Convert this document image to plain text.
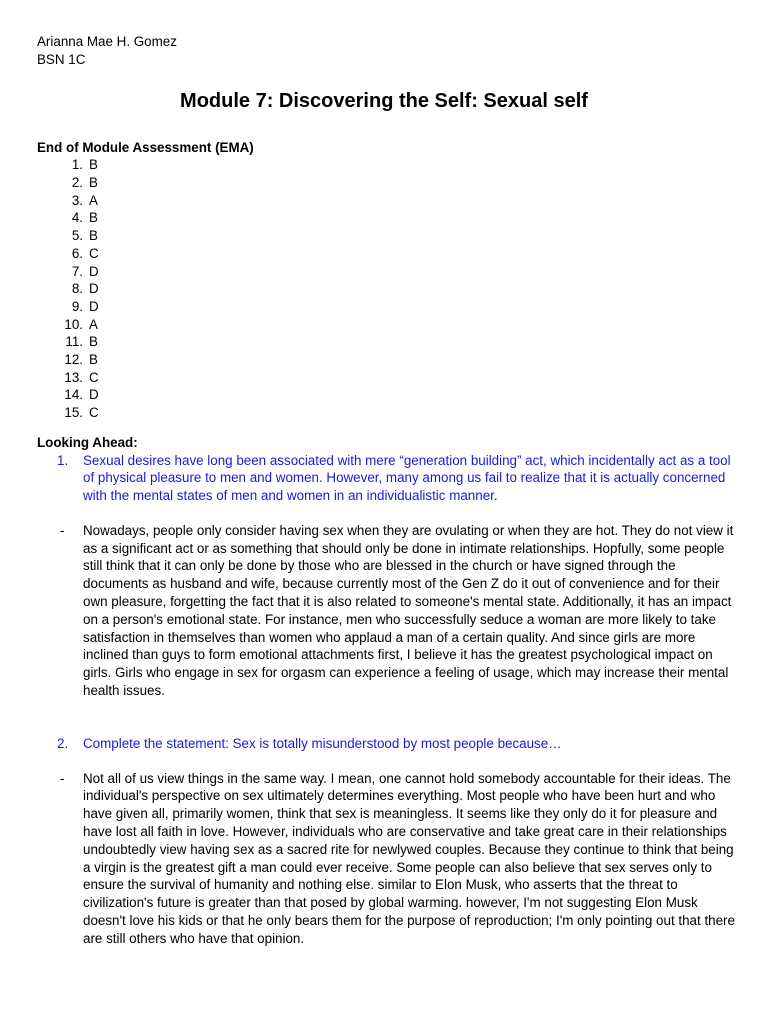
Arianna Mae H. Gomez
BSN 1C
Module 7: Discovering the Self: Sexual self
End of Module Assessment (EMA)
1. B
2. B
3. A
4. B
5. B
6. C
7. D
8. D
9. D
10. A
11. B
12. B
13. C
14. D
15. C
Looking Ahead:
1. Sexual desires have long been associated with mere “generation building” act, which incidentally act as a tool of physical pleasure to men and women. However, many among us fail to realize that it is actually concerned with the mental states of men and women in an individualistic manner.

- Nowadays, people only consider having sex when they are ovulating or when they are hot. They do not view it as a significant act or as something that should only be done in intimate relationships. Hopfully, some people still think that it can only be done by those who are blessed in the church or have signed through the documents as husband and wife, because currently most of the Gen Z do it out of convenience and for their own pleasure, forgetting the fact that it is also related to someone's mental state. Additionally, it has an impact on a person's emotional state. For instance, men who successfully seduce a woman are more likely to take satisfaction in themselves than women who applaud a man of a certain quality. And since girls are more inclined than guys to form emotional attachments first, I believe it has the greatest psychological impact on girls. Girls who engage in sex for orgasm can experience a feeling of usage, which may increase their mental health issues.

2. Complete the statement: Sex is totally misunderstood by most people because…

- Not all of us view things in the same way. I mean, one cannot hold somebody accountable for their ideas. The individual's perspective on sex ultimately determines everything. Most people who have been hurt and who have given all, primarily women, think that sex is meaningless. It seems like they only do it for pleasure and have lost all faith in love. However, individuals who are conservative and take great care in their relationships undoubtedly view having sex as a sacred rite for newlywed couples. Because they continue to think that being a virgin is the greatest gift a man could ever receive. Some people can also believe that sex serves only to ensure the survival of humanity and nothing else. similar to Elon Musk, who asserts that the threat to civilization's future is greater than that posed by global warming. however, I'm not suggesting Elon Musk doesn't love his kids or that he only bears them for the purpose of reproduction; I'm only pointing out that there are still others who have that opinion.
